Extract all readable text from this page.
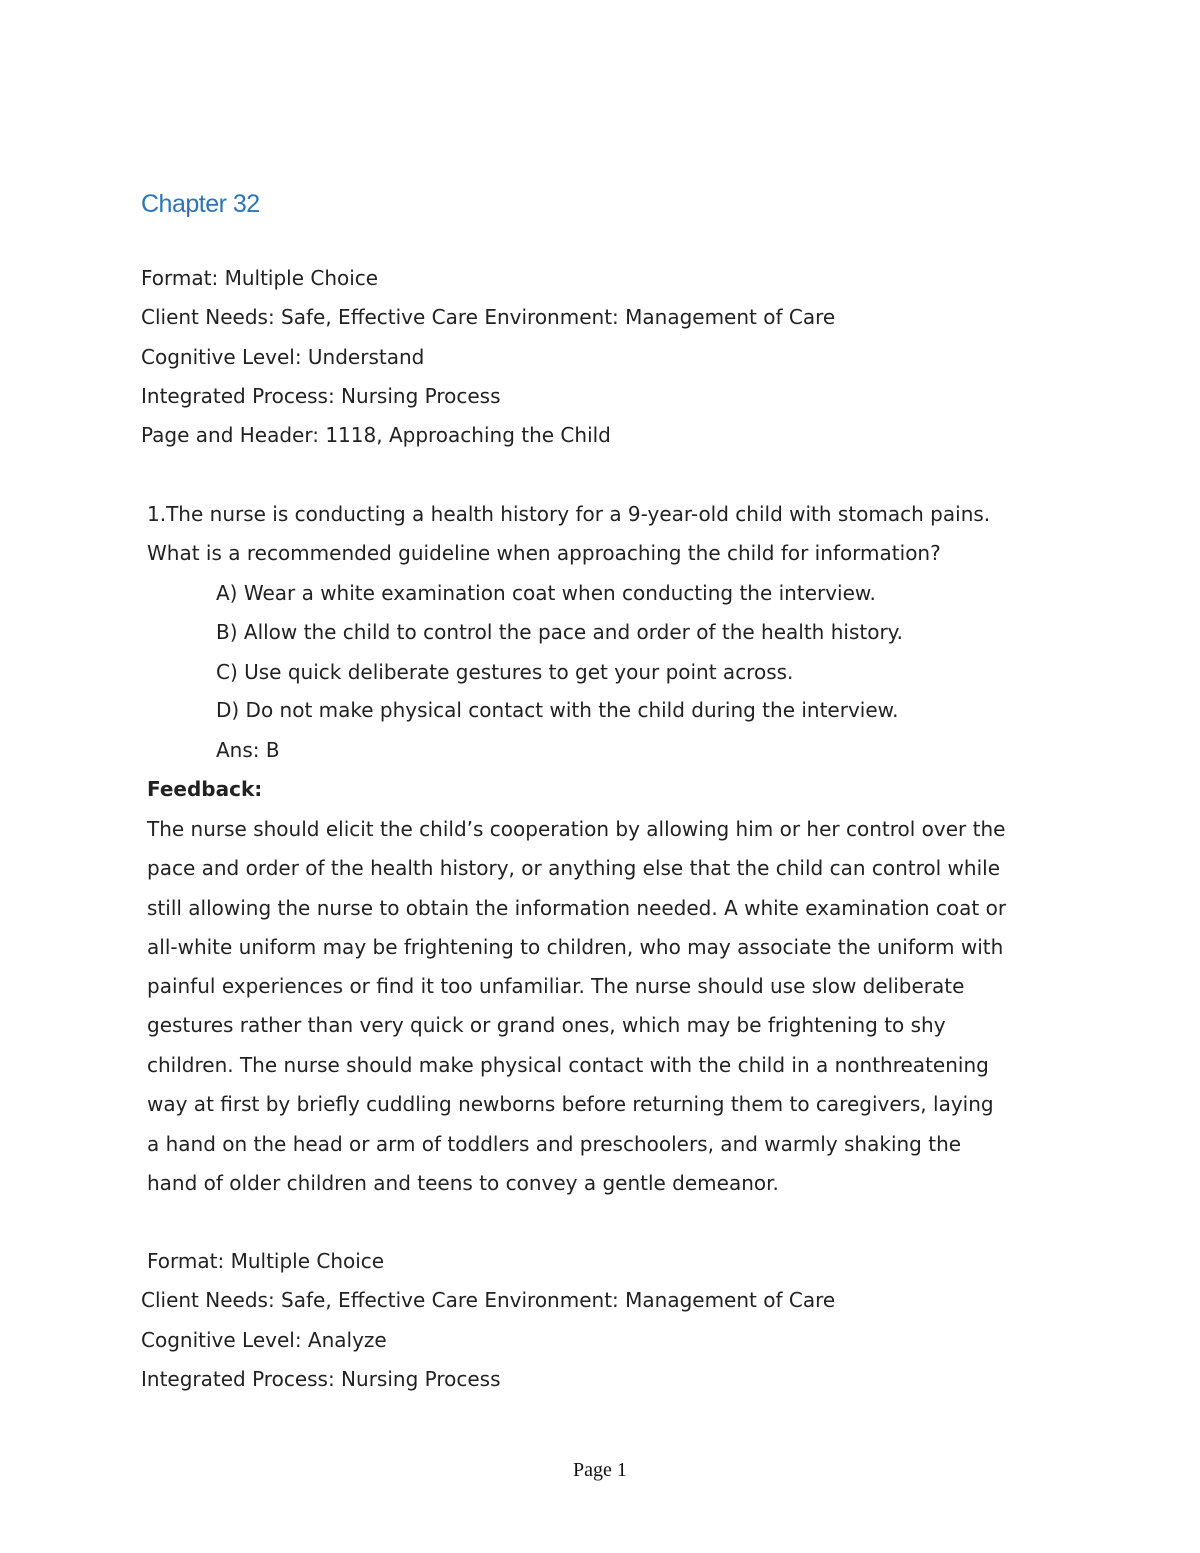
Chapter 32
Format: Multiple Choice
Client Needs: Safe, Effective Care Environment: Management of Care
Cognitive Level: Understand
Integrated Process: Nursing Process
Page and Header: 1118, Approaching the Child
1.The nurse is conducting a health history for a 9-year-old child with stomach pains.
What is a recommended guideline when approaching the child for information?
A) Wear a white examination coat when conducting the interview.
B) Allow the child to control the pace and order of the health history.
C) Use quick deliberate gestures to get your point across.
D) Do not make physical contact with the child during the interview.
Ans: B
Feedback:
The nurse should elicit the child’s cooperation by allowing him or her control over the
pace and order of the health history, or anything else that the child can control while
still allowing the nurse to obtain the information needed. A white examination coat or
all-white uniform may be frightening to children, who may associate the uniform with
painful experiences or find it too unfamiliar. The nurse should use slow deliberate
gestures rather than very quick or grand ones, which may be frightening to shy
children. The nurse should make physical contact with the child in a nonthreatening
way at first by briefly cuddling newborns before returning them to caregivers, laying
a hand on the head or arm of toddlers and preschoolers, and warmly shaking the
hand of older children and teens to convey a gentle demeanor.
Format: Multiple Choice
Client Needs: Safe, Effective Care Environment: Management of Care
Cognitive Level: Analyze
Integrated Process: Nursing Process
Page 1
